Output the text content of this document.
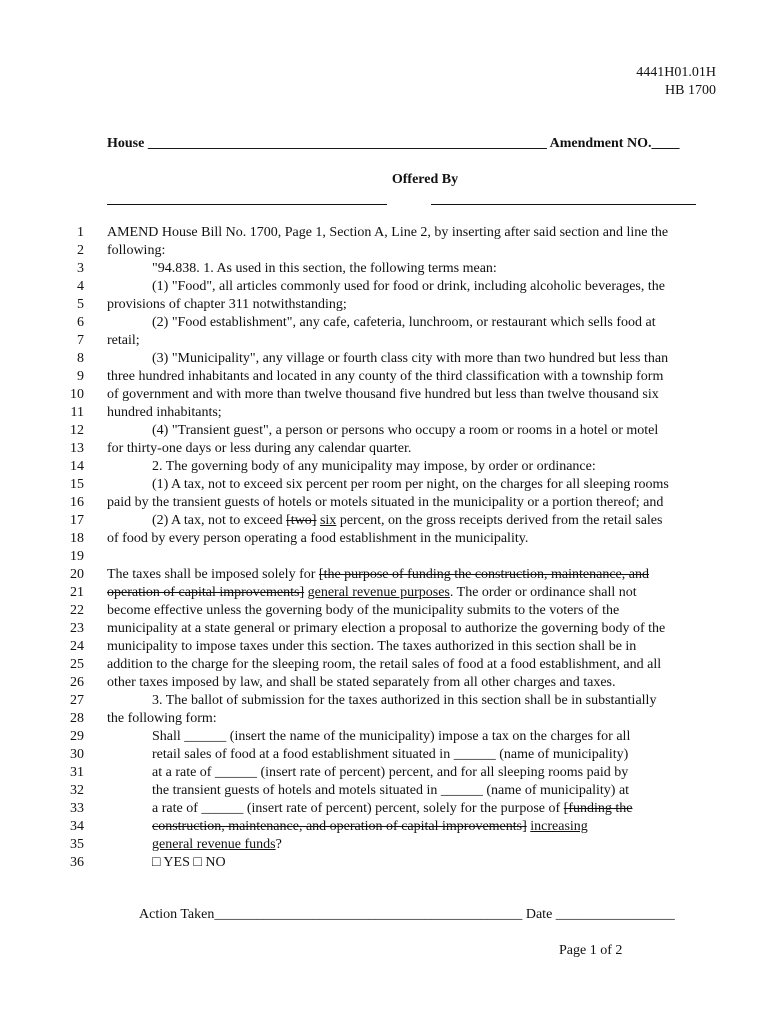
4441H01.01H
HB 1700
House _________________________________________________________ Amendment NO.____
Offered By
1
2
3
4
5
6
7
8
9
10
11
12
13
14
15
16
17
18
19
20
21
22
23
24
25
26
27
28
29
30
31
32
33
34
35
36
AMEND House Bill No. 1700, Page 1, Section A, Line 2, by inserting after said section and line the
following:
"94.838. 1. As used in this section, the following terms mean:
(1) "Food", all articles commonly used for food or drink, including alcoholic beverages, the
provisions of chapter 311 notwithstanding;
(2) "Food establishment", any cafe, cafeteria, lunchroom, or restaurant which sells food at
retail;
(3) "Municipality", any village or fourth class city with more than two hundred but less than
three hundred inhabitants and located in any county of the third classification with a township form
of government and with more than twelve thousand five hundred but less than twelve thousand six
hundred inhabitants;
(4) "Transient guest", a person or persons who occupy a room or rooms in a hotel or motel
for thirty-one days or less during any calendar quarter.
2. The governing body of any municipality may impose, by order or ordinance:
(1) A tax, not to exceed six percent per room per night, on the charges for all sleeping rooms
paid by the transient guests of hotels or motels situated in the municipality or a portion thereof; and
(2) A tax, not to exceed [two] six percent, on the gross receipts derived from the retail sales
of food by every person operating a food establishment in the municipality.
The taxes shall be imposed solely for [the purpose of funding the construction, maintenance, and
operation of capital improvements] general revenue purposes. The order or ordinance shall not
become effective unless the governing body of the municipality submits to the voters of the
municipality at a state general or primary election a proposal to authorize the governing body of the
municipality to impose taxes under this section. The taxes authorized in this section shall be in
addition to the charge for the sleeping room, the retail sales of food at a food establishment, and all
other taxes imposed by law, and shall be stated separately from all other charges and taxes.
3. The ballot of submission for the taxes authorized in this section shall be in substantially
the following form:
Shall ______ (insert the name of the municipality) impose a tax on the charges for all
retail sales of food at a food establishment situated in ______ (name of municipality)
at a rate of ______ (insert rate of percent) percent, and for all sleeping rooms paid by
the transient guests of hotels and motels situated in ______ (name of municipality) at
a rate of ______ (insert rate of percent) percent, solely for the purpose of [funding the
construction, maintenance, and operation of capital improvements] increasing
general revenue funds?
□ YES □ NO
Action Taken____________________________________________ Date _________________
Page 1 of 2
